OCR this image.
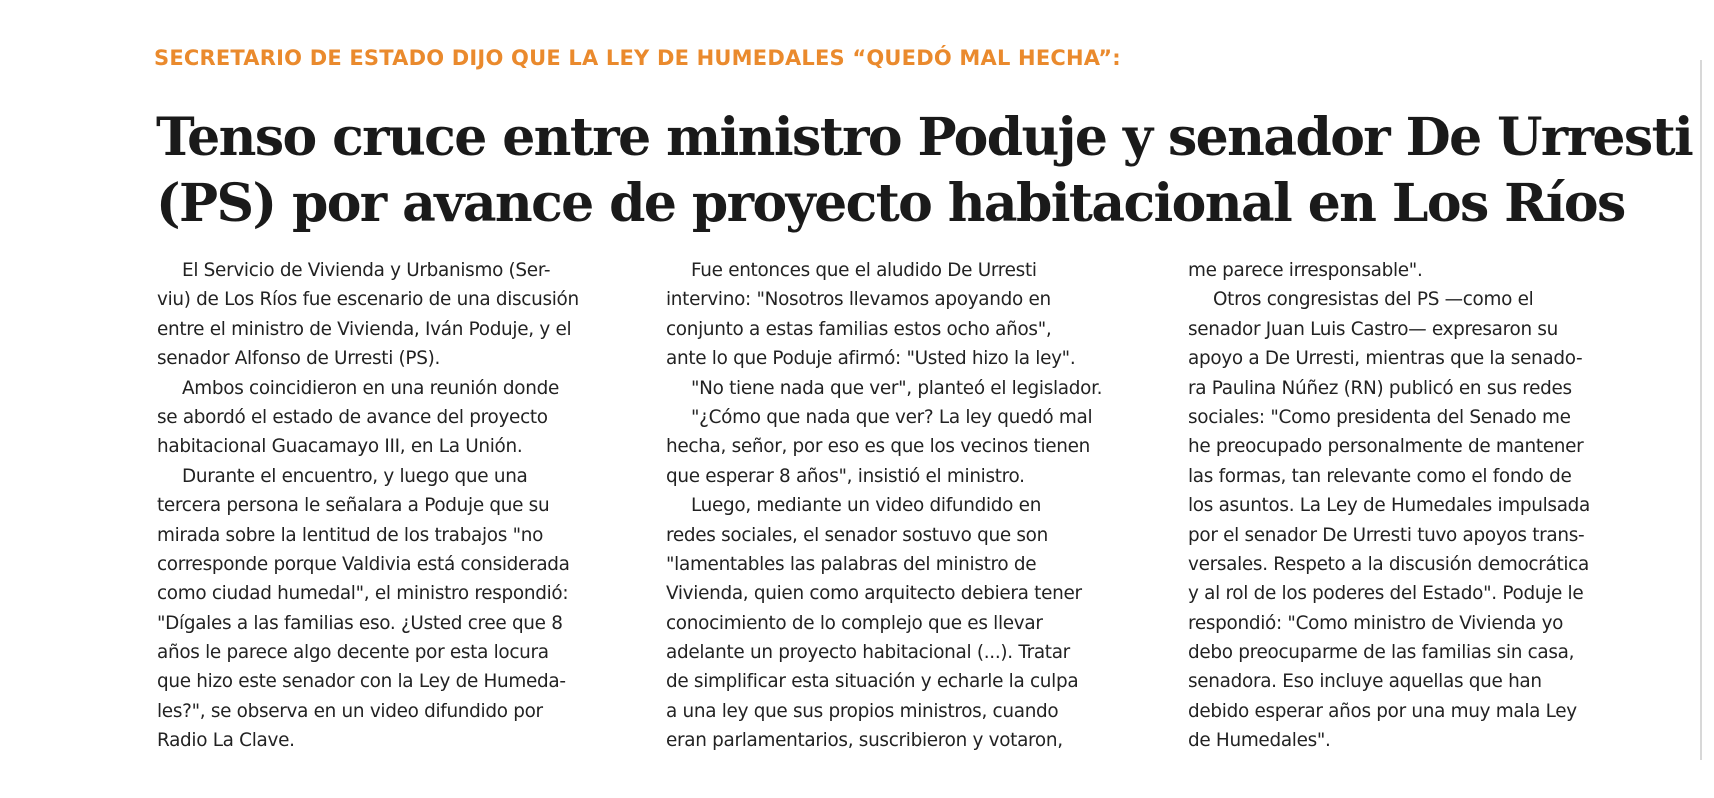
SECRETARIO DE ESTADO DIJO QUE LA LEY DE HUMEDALES “QUEDÓ MAL HECHA”:
Tenso cruce entre ministro Poduje y senador De Urresti
(PS) por avance de proyecto habitacional en Los Ríos
El Servicio de Vivienda y Urbanismo (Ser-
viu) de Los Ríos fue escenario de una discusión
entre el ministro de Vivienda, Iván Poduje, y el
senador Alfonso de Urresti (PS).
Ambos coincidieron en una reunión donde
se abordó el estado de avance del proyecto
habitacional Guacamayo III, en La Unión.
Durante el encuentro, y luego que una
tercera persona le señalara a Poduje que su
mirada sobre la lentitud de los trabajos "no
corresponde porque Valdivia está considerada
como ciudad humedal", el ministro respondió:
"Dígales a las familias eso. ¿Usted cree que 8
años le parece algo decente por esta locura
que hizo este senador con la Ley de Humeda-
les?", se observa en un video difundido por
Radio La Clave.
Fue entonces que el aludido De Urresti
intervino: "Nosotros llevamos apoyando en
conjunto a estas familias estos ocho años",
ante lo que Poduje afirmó: "Usted hizo la ley".
"No tiene nada que ver", planteó el legislador.
"¿Cómo que nada que ver? La ley quedó mal
hecha, señor, por eso es que los vecinos tienen
que esperar 8 años", insistió el ministro.
Luego, mediante un video difundido en
redes sociales, el senador sostuvo que son
"lamentables las palabras del ministro de
Vivienda, quien como arquitecto debiera tener
conocimiento de lo complejo que es llevar
adelante un proyecto habitacional (...). Tratar
de simplificar esta situación y echarle la culpa
a una ley que sus propios ministros, cuando
eran parlamentarios, suscribieron y votaron,
me parece irresponsable".
Otros congresistas del PS —como el
senador Juan Luis Castro— expresaron su
apoyo a De Urresti, mientras que la senado-
ra Paulina Núñez (RN) publicó en sus redes
sociales: "Como presidenta del Senado me
he preocupado personalmente de mantener
las formas, tan relevante como el fondo de
los asuntos. La Ley de Humedales impulsada
por el senador De Urresti tuvo apoyos trans-
versales. Respeto a la discusión democrática
y al rol de los poderes del Estado". Poduje le
respondió: "Como ministro de Vivienda yo
debo preocuparme de las familias sin casa,
senadora. Eso incluye aquellas que han
debido esperar años por una muy mala Ley
de Humedales".
